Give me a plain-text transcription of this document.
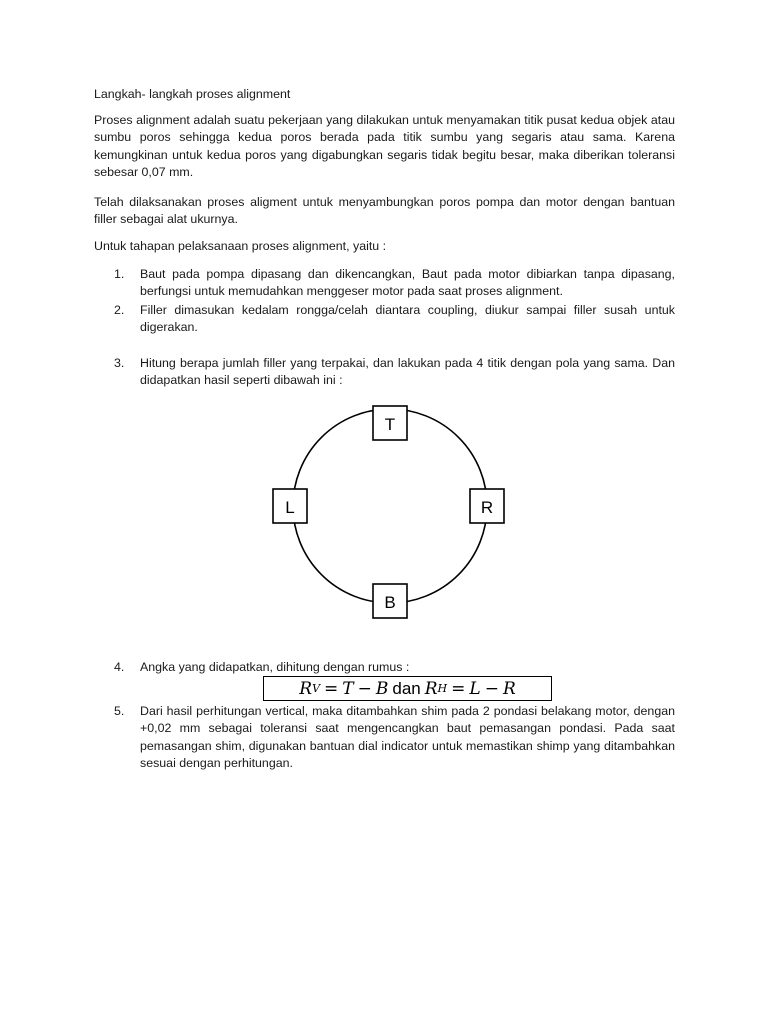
Langkah- langkah proses alignment
Proses alignment adalah suatu pekerjaan yang dilakukan untuk menyamakan titik pusat kedua objek atau sumbu poros sehingga kedua poros berada pada titik sumbu yang segaris atau sama. Karena kemungkinan untuk kedua poros yang digabungkan segaris tidak begitu besar, maka diberikan toleransi sebesar 0,07 mm.
Telah dilaksanakan proses aligment untuk menyambungkan poros pompa dan motor dengan bantuan filler sebagai alat ukurnya.
Untuk tahapan pelaksanaan proses alignment, yaitu :
1. Baut pada pompa dipasang dan dikencangkan, Baut pada motor dibiarkan tanpa dipasang, berfungsi untuk memudahkan menggeser motor pada saat proses alignment.
2. Filler dimasukan kedalam rongga/celah diantara coupling, diukur sampai filler susah untuk digerakan.
3. Hitung berapa jumlah filler yang terpakai, dan lakukan pada 4 titik dengan pola yang sama. Dan didapatkan hasil seperti dibawah ini :
T
L	R
B
4. Angka yang didapatkan, dihitung dengan rumus :
R V = T − B dan R H = L − R
5. Dari hasil perhitungan vertical, maka ditambahkan shim pada 2 pondasi belakang motor, dengan +0,02 mm sebagai toleransi saat mengencangkan baut pemasangan pondasi. Pada saat pemasangan shim, digunakan bantuan dial indicator untuk memastikan shimp yang ditambahkan sesuai dengan perhitungan.
